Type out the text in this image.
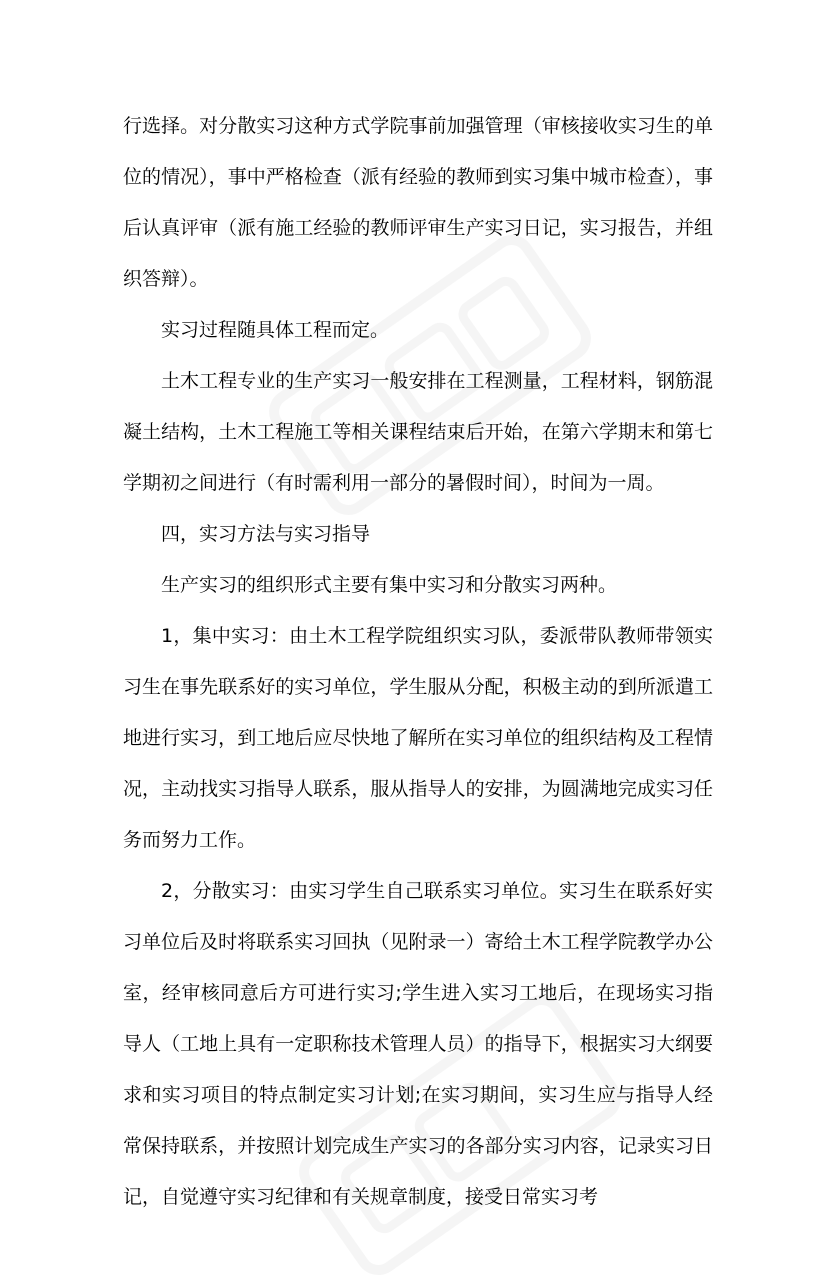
行选择。对分散实习这种方式学院事前加强管理（审核接收实习生的单位的情况），事中严格检查（派有经验的教师到实习集中城市检查），事后认真评审（派有施工经验的教师评审生产实习日记，实习报告，并组织答辩）。

实习过程随具体工程而定。

土木工程专业的生产实习一般安排在工程测量，工程材料，钢筋混凝土结构，土木工程施工等相关课程结束后开始，在第六学期末和第七学期初之间进行（有时需利用一部分的暑假时间），时间为一周。

四，实习方法与实习指导

生产实习的组织形式主要有集中实习和分散实习两种。

1，集中实习：由土木工程学院组织实习队，委派带队教师带领实习生在事先联系好的实习单位，学生服从分配，积极主动的到所派遣工地进行实习，到工地后应尽快地了解所在实习单位的组织结构及工程情况，主动找实习指导人联系，服从指导人的安排，为圆满地完成实习任务而努力工作。

2，分散实习：由实习学生自己联系实习单位。实习生在联系好实习单位后及时将联系实习回执（见附录一）寄给土木工程学院教学办公室，经审核同意后方可进行实习;学生进入实习工地后，在现场实习指导人（工地上具有一定职称技术管理人员）的指导下，根据实习大纲要求和实习项目的特点制定实习计划;在实习期间，实习生应与指导人经常保持联系，并按照计划完成生产实习的各部分实习内容，记录实习日记，自觉遵守实习纪律和有关规章制度，接受日常实习考
